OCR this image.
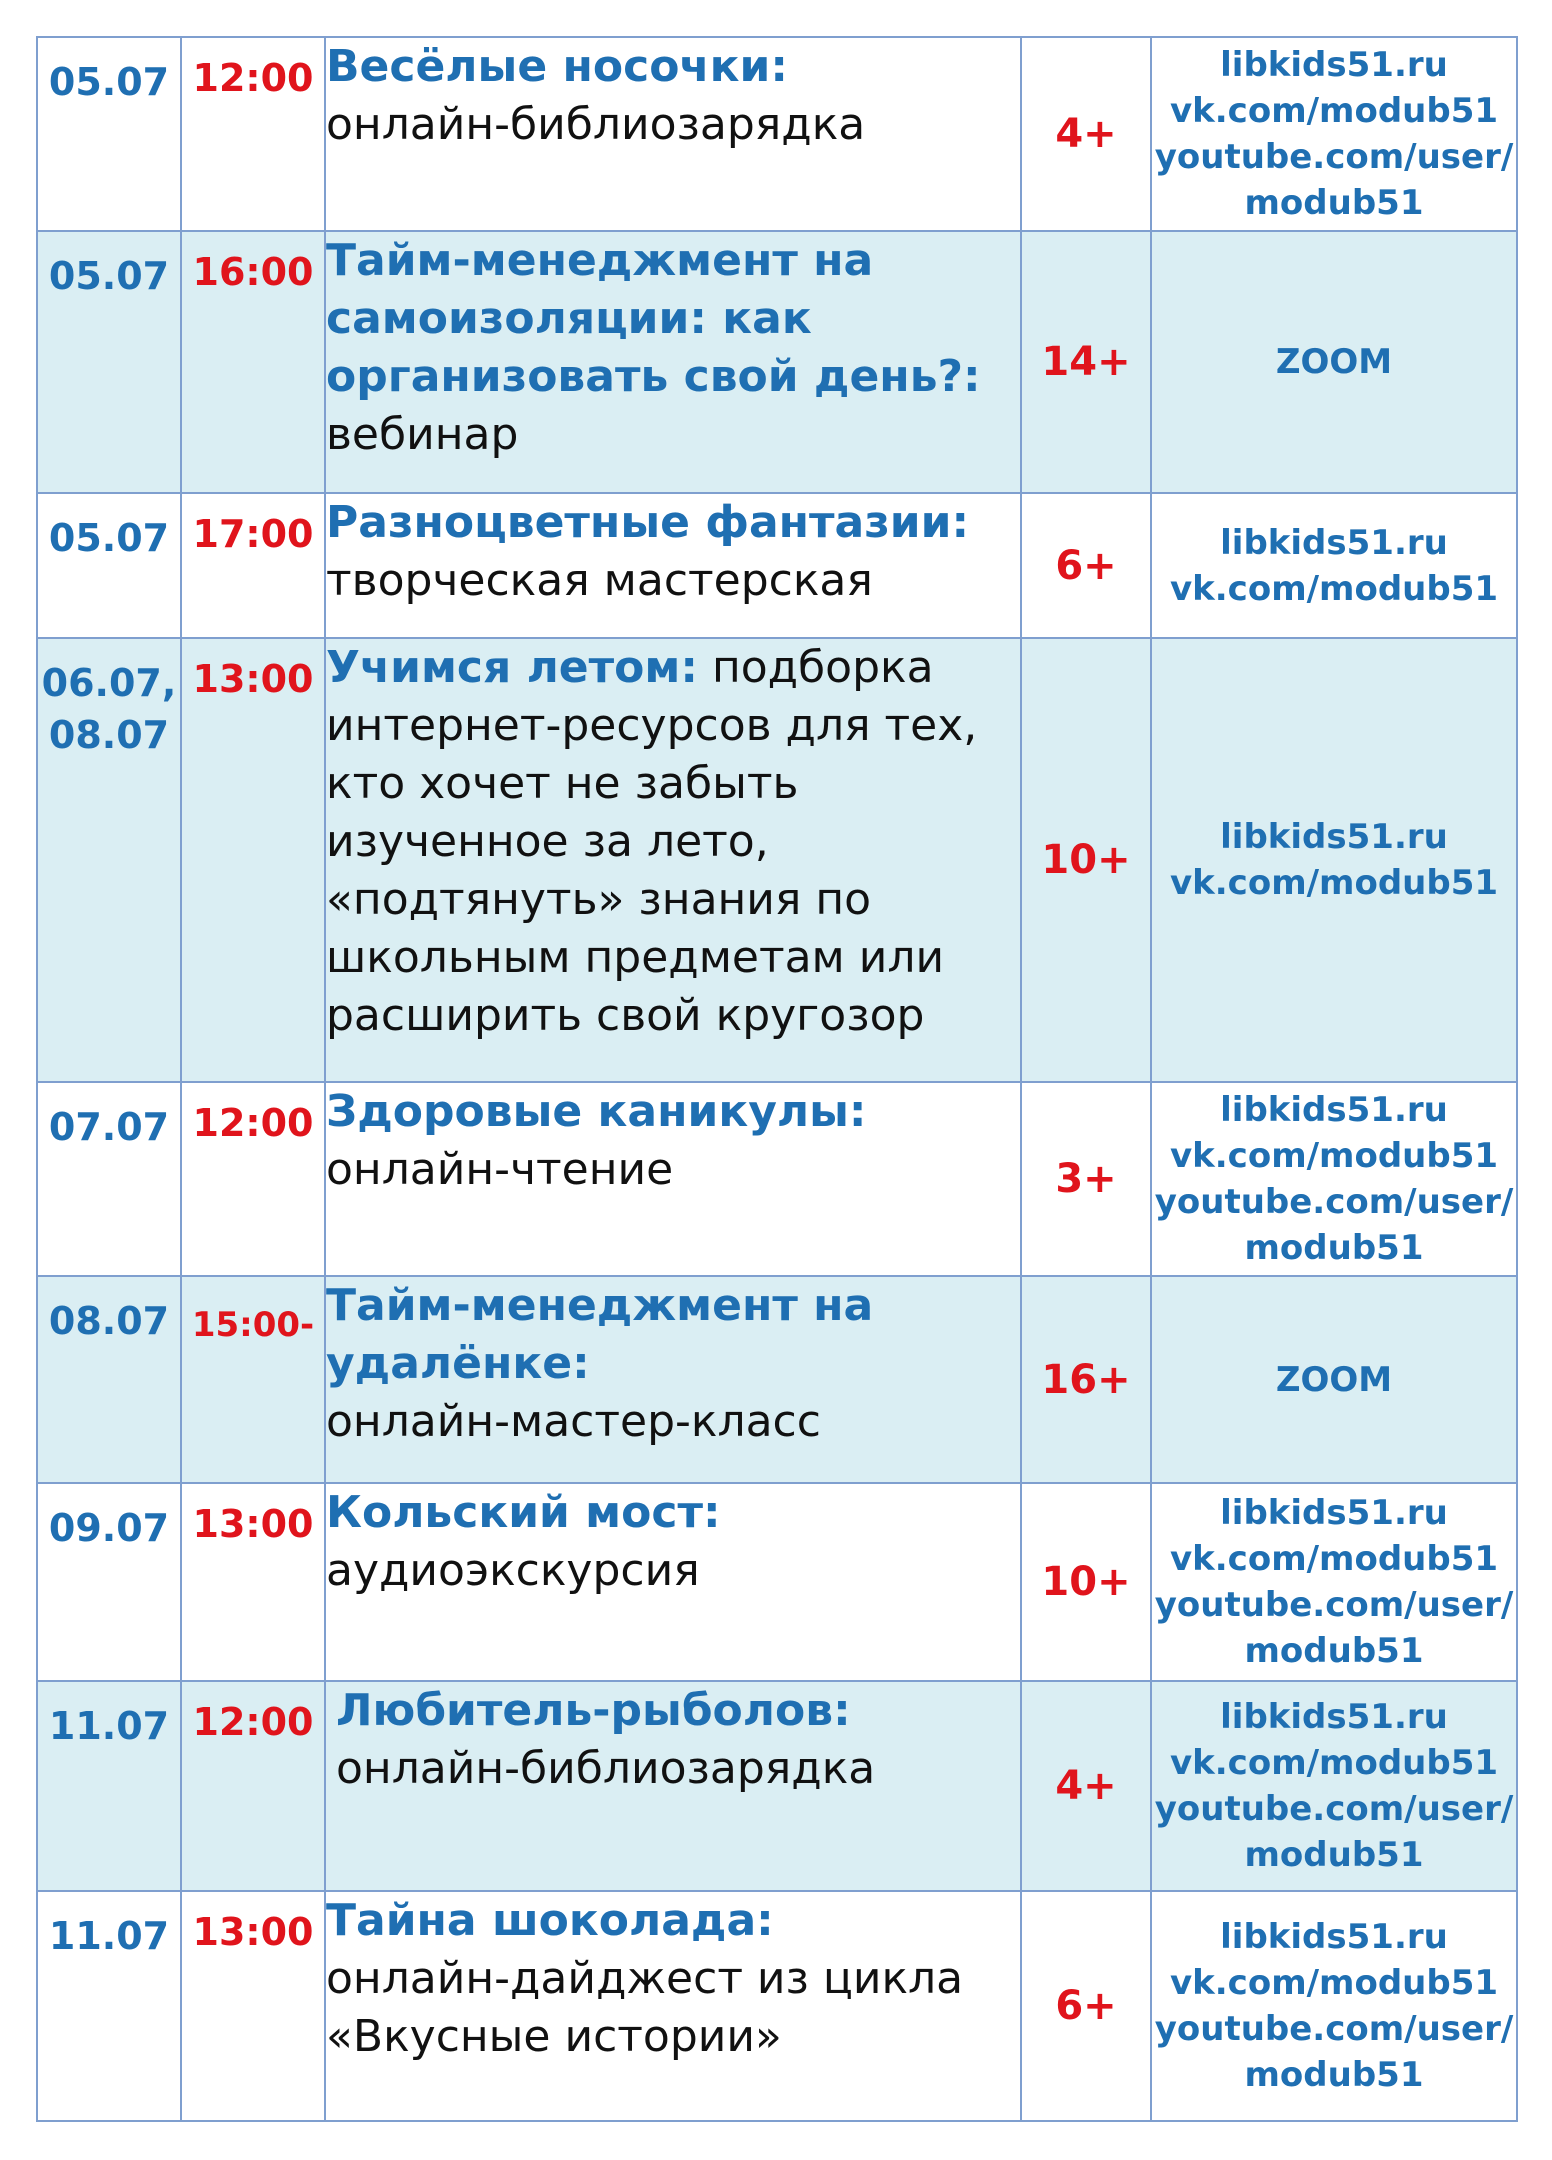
05.07	12:00	Весёлые носочки:
онлайн-библиозарядка	4+	libkids51.ru
vk.com/modub51
youtube.com/user/
modub51

05.07	16:00	Тайм-менеджмент на самоизоляции: как организовать свой день?:
вебинар	14+	ZOOM

05.07	17:00	Разноцветные фантазии:
творческая мастерская	6+	libkids51.ru
vk.com/modub51

06.07, 08.07	13:00	Учимся летом: подборка интернет-ресурсов для тех, кто хочет не забыть изученное за лето, «подтянуть» знания по школьным предметам или расширить свой кругозор	10+	libkids51.ru
vk.com/modub51

07.07	12:00	Здоровые каникулы:
онлайн-чтение	3+	libkids51.ru
vk.com/modub51
youtube.com/user/
modub51

08.07	15:00-	Тайм-менеджмент на удалёнке:
онлайн-мастер-класс	16+	ZOOM

09.07	13:00	Кольский мост:
аудиоэкскурсия	10+	libkids51.ru
vk.com/modub51
youtube.com/user/
modub51

11.07	12:00	Любитель-рыболов:
онлайн-библиозарядка	4+	libkids51.ru
vk.com/modub51
youtube.com/user/
modub51

11.07	13:00	Тайна шоколада:
онлайн-дайджест из цикла «Вкусные истории»	6+	libkids51.ru
vk.com/modub51
youtube.com/user/
modub51
